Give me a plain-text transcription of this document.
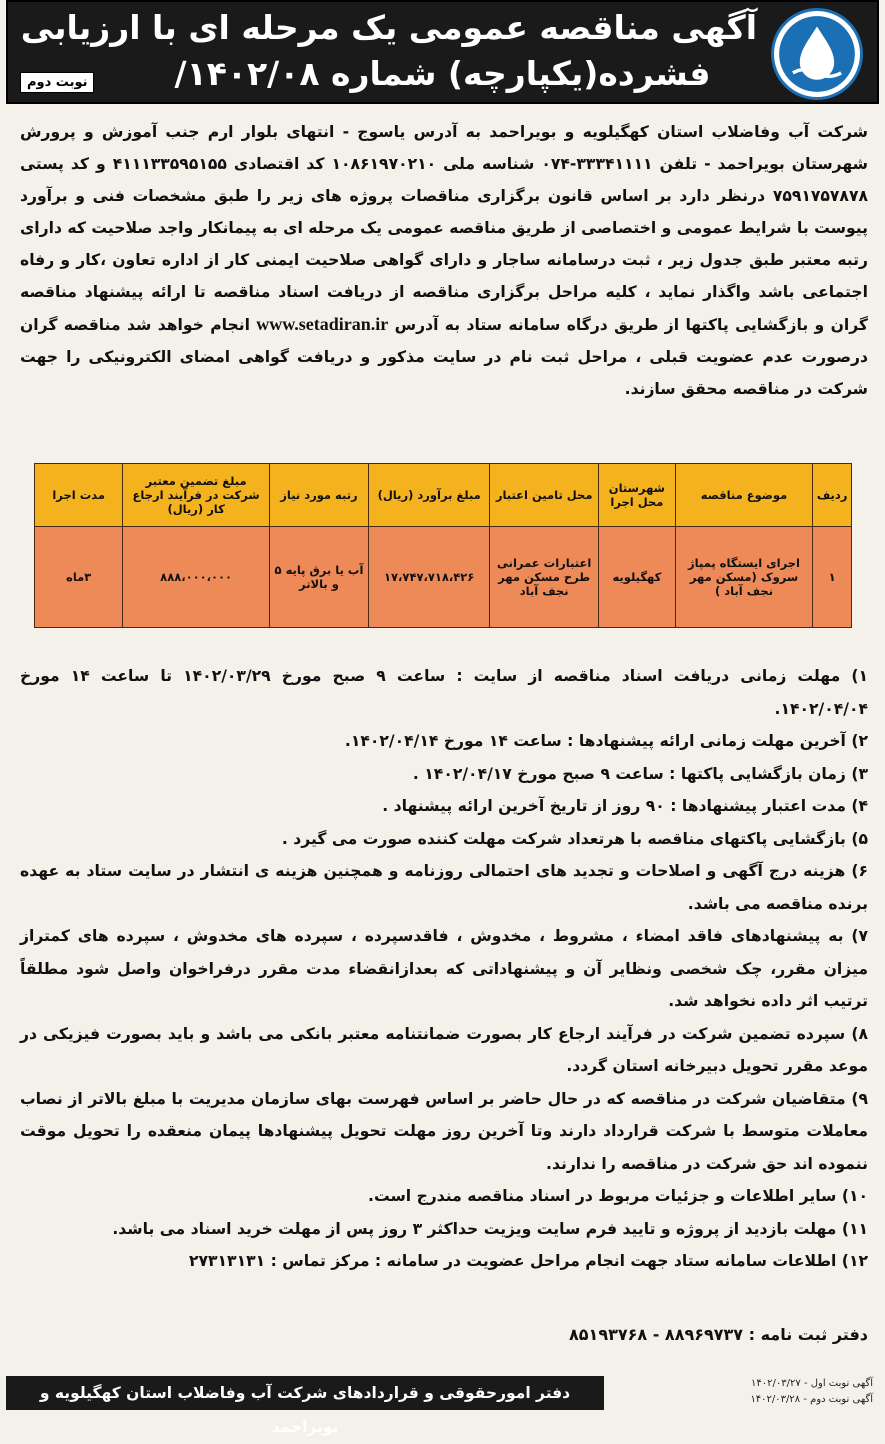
آگهی مناقصه عمومی یک مرحله ای با ارزیابی
فشرده(یکپارچه) شماره ۱۴۰۲/۰۸/
نوبت دوم
شرکت آب وفاضلاب استان کهگیلویه و بویراحمد به آدرس یاسوج - انتهای بلوار ارم جنب آموزش و پرورش شهرستان بویراحمد - تلفن ۳۳۳۴۱۱۱۱-۰۷۴ شناسه ملی ۱۰۸۶۱۹۷۰۲۱۰ کد اقتصادی ۴۱۱۱۳۳۵۹۵۱۵۵ و کد پستی ۷۵۹۱۷۵۷۸۷۸ درنظر دارد بر اساس قانون برگزاری مناقصات پروژه های زیر را طبق مشخصات فنی و برآورد پیوست با شرایط عمومی و اختصاصی از طریق مناقصه عمومی یک مرحله ای به پیمانکار واجد صلاحیت که دارای رتبه معتبر طبق جدول زیر ، ثبت درسامانه ساجار و دارای گواهی صلاحیت ایمنی کار از اداره تعاون ،کار و رفاه اجتماعی باشد واگذار نماید ، کلیه مراحل برگزاری مناقصه از دریافت اسناد مناقصه تا ارائه پیشنهاد مناقصه گران و بازگشایی پاکتها از طریق درگاه سامانه ستاد به آدرس www.setadiran.ir انجام خواهد شد مناقصه گران درصورت عدم عضویت قبلی ، مراحل ثبت نام در سایت مذکور و دریافت گواهی امضای الکترونیکی را جهت شرکت در مناقصه محقق سازند.
ردیف	موضوع مناقصه	شهرستان محل اجرا	محل تامین اعتبار	مبلغ برآورد (ریال)	رتبه مورد نیاز	مبلغ تضمین معتبر شرکت در فرآیند ارجاع کار (ریال)	مدت اجرا
۱	اجرای ایستگاه پمپاژ سروک (مسکن مهر نجف آباد )	کهگیلویه	اعتبارات عمرانی طرح مسکن مهر نجف آباد	۱۷،۷۴۷،۷۱۸،۴۲۶	آب یا برق پایه ۵ و بالاتر	۸۸۸،۰۰۰،۰۰۰	۳ماه

۱) مهلت زمانی دریافت اسناد مناقصه از سایت : ساعت ۹ صبح مورخ ۱۴۰۲/۰۳/۲۹ تا ساعت ۱۴ مورخ ۱۴۰۲/۰۴/۰۴.

۲) آخرین مهلت زمانی ارائه پیشنهادها : ساعت ۱۴ مورخ ۱۴۰۲/۰۴/۱۴.

۳) زمان بازگشایی پاکتها : ساعت ۹ صبح مورخ ۱۴۰۲/۰۴/۱۷ .

۴) مدت اعتبار پیشنهادها : ۹۰ روز از تاریخ آخرین ارائه پیشنهاد .

۵) بازگشایی پاکتهای مناقصه با هرتعداد شرکت مهلت کننده صورت می گیرد .

۶) هزینه درج آگهی و اصلاحات و تجدید های احتمالی روزنامه و همچنین هزینه ی انتشار در سایت ستاد به عهده برنده مناقصه می باشد.

۷) به پیشنهادهای فاقد امضاء ، مشروط ، مخدوش ، فاقدسپرده ، سپرده های مخدوش ، سپرده های کمتراز میزان مقرر، چک شخصی ونظایر آن و پیشنهاداتی که بعدازانقضاء مدت مقرر درفراخوان واصل شود مطلقاً ترتیب اثر داده نخواهد شد.

۸) سپرده تضمین شرکت در فرآیند ارجاع کار بصورت ضمانتنامه معتبر بانکی می باشد و باید بصورت فیزیکی در موعد مقرر تحویل دبیرخانه استان گردد.

۹) متقاضیان شرکت در مناقصه که در حال حاضر بر اساس فهرست بهای سازمان مدیریت با مبلغ بالاتر از نصاب معاملات متوسط با شرکت قرارداد دارند وتا آخرین روز مهلت تحویل پیشنهادها پیمان منعقده را تحویل موقت ننموده اند حق شرکت در مناقصه را ندارند.

۱۰) سایر اطلاعات و جزئیات مربوط در اسناد مناقصه مندرج است.

۱۱) مهلت بازدید از پروژه و تایید فرم سایت ویزیت حداکثر ۳ روز پس از مهلت خرید اسناد می باشد.

۱۲) اطلاعات سامانه ستاد جهت انجام مراحل عضویت در سامانه : مرکز تماس : ۲۷۳۱۳۱۳۱

دفتر ثبت نامه : ۸۸۹۶۹۷۳۷ - ۸۵۱۹۳۷۶۸
دفتر امورحقوقی و قراردادهای شرکت آب وفاضلاب استان کهگیلویه و بویراحمد
آگهی نوبت اول - ۱۴۰۲/۰۳/۲۷
آگهی نوبت دوم - ۱۴۰۲/۰۳/۲۸
